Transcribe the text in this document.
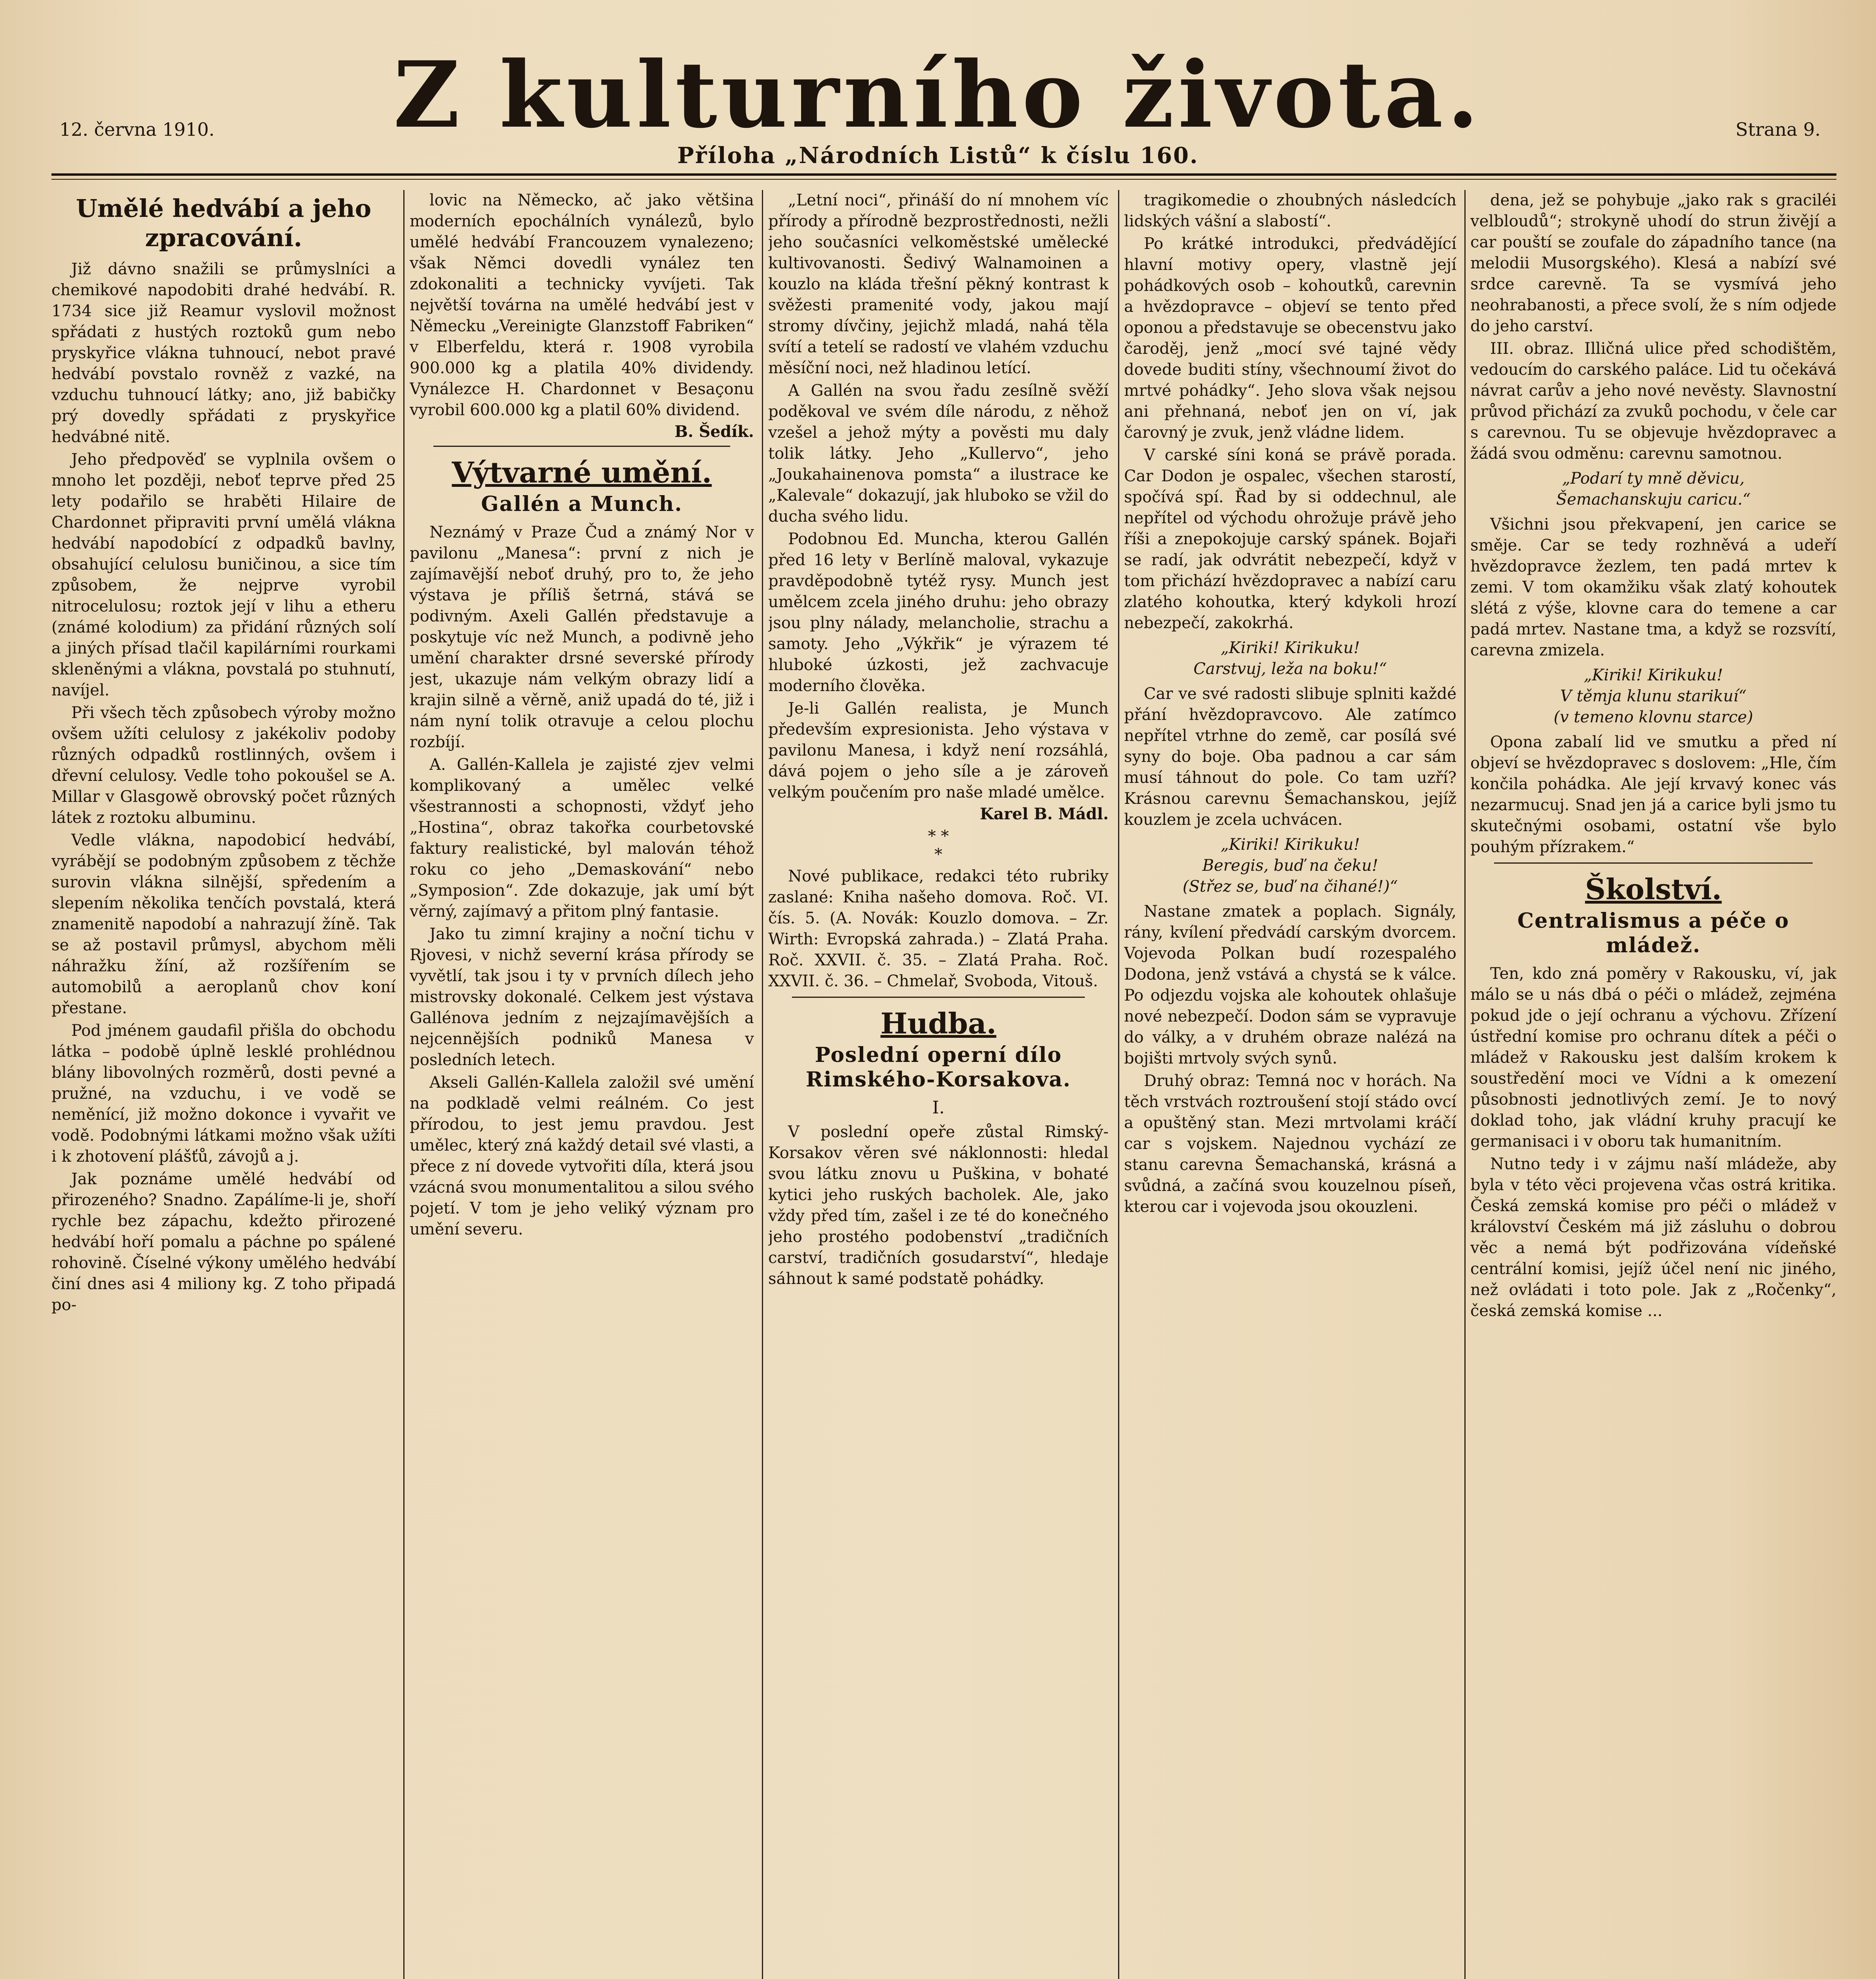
Z kulturního života.
12. června 1910.	Strana 9.
Příloha „Národních Listů“ k číslu 160.
Umělé hedvábí a jeho zpracování.

Již dávno snažili se průmyslníci a chemikové napodobiti drahé hedvábí. R. 1734 sice již Reamur vyslovil možnost spřádati z hustých roztoků gum nebo pryskyřice vlákna tuhnoucí, nebot pravé hedvábí povstalo rovněž z vazké, na vzduchu tuhnoucí látky; ano, již babičky prý dovedly spřádati z pryskyřice hedvábné nitě.

Jeho předpověď se vyplnila ovšem o mnoho let později, neboť teprve před 25 lety podařilo se hraběti Hilaire de Chardonnet připraviti první umělá vlákna hedvábí napodobící z odpadků bavlny, obsahující celulosu buničinou, a sice tím způsobem, že nejprve vyrobil nitrocelulosu; roztok její v lihu a etheru (známé kolodium) za přidání různých solí a jiných přísad tlačil kapilárními rourkami skleněnými a vlákna, povstalá po stuhnutí, navíjel.

Při všech těch způsobech výroby možno ovšem užíti celulosy z jakékoliv podoby různých odpadků rostlinných, ovšem i dřevní celulosy. Vedle toho pokoušel se A. Millar v Glasgowě obrovský počet různých látek z roztoku albuminu.

Vedle vlákna, napodobicí hedvábí, vyrábějí se podobným způsobem z těchže surovin vlákna silnější, spředením a slepením několika tenčích povstalá, která znamenitě napodobí a nahrazují žíně. Tak se až postavil průmysl, abychom měli náhražku žíní, až rozšířením se automobilů a aeroplanů chov koní přestane.

Pod jménem gaudafil přišla do obchodu látka – podobě úplně lesklé prohlédnou blány libovolných rozměrů, dosti pevné a pružné, na vzduchu, i ve vodě se neměnící, již možno dokonce i vyvařit ve vodě. Podobnými látkami možno však užíti i k zhotovení plášťů, závojů a j.

Jak poznáme umělé hedvábí od přirozeného? Snadno. Zapálíme-li je, shoří rychle bez zápachu, kdežto přirozené hedvábí hoří pomalu a páchne po spálené rohovině. Číselné výkony umělého hedvábí činí dnes asi 4 miliony kg. Z toho připadá po-

lovic na Německo, ač jako většina moderních epochálních vynálezů, bylo umělé hedvábí Francouzem vynalezeno; však Němci dovedli vynález ten zdokonaliti a technicky vyvíjeti. Tak největší továrna na umělé hedvábí jest v Německu „Vereinigte Glanzstoff Fabriken“ v Elberfeldu, která r. 1908 vyrobila 900.000 kg a platila 40% dividendy. Vynálezce H. Chardonnet v Besaçonu vyrobil 600.000 kg a platil 60% dividend.

B. Šedík.
Výtvarné umění.
Gallén a Munch.

Neznámý v Praze Čud a známý Nor v pavilonu „Manesa“: první z nich je zajímavější neboť druhý, pro to, že jeho výstava je příliš šetrná, stává se podivným. Axeli Gallén představuje a poskytuje víc než Munch, a podivně jeho umění charakter drsné severské přírody jest, ukazuje nám velkým obrazy lidí a krajin silně a věrně, aniž upadá do té, již i nám nyní tolik otravuje a celou plochu rozbíjí.

A. Gallén-Kallela je zajisté zjev velmi komplikovaný a umělec velké všestrannosti a schopnosti, vždyť jeho „Hostina“, obraz takořka courbetovské faktury realistické, byl malován téhož roku co jeho „Demaskování“ nebo „Symposion“. Zde dokazuje, jak umí být věrný, zajímavý a přitom plný fantasie.

Jako tu zimní krajiny a noční tichu v Rjovesi, v nichž severní krása přírody se vyvětlí, tak jsou i ty v prvních dílech jeho mistrovsky dokonalé. Celkem jest výstava Gallénova jedním z nejzajímavějších a nejcennějších podniků Manesa v posledních letech.

Akseli Gallén-Kallela založil své umění na podkladě velmi reálném. Co jest přírodou, to jest jemu pravdou. Jest umělec, který zná každý detail své vlasti, a přece z ní dovede vytvořiti díla, která jsou vzácná svou monumentalitou a silou svého pojetí. V tom je jeho veliký význam pro umění severu.

„Letní noci“, přináší do ní mnohem víc přírody a přírodně bezprostřednosti, nežli jeho současníci velkoměstské umělecké kultivovanosti. Šedivý Walnamoinen a kouzlo na kláda třešní pěkný kontrast k svěžesti pramenité vody, jakou mají stromy dívčiny, jejichž mladá, nahá těla svítí a tetelí se radostí ve vlahém vzduchu měsíční noci, než hladinou letící.

A Gallén na svou řadu zesílně svěží poděkoval ve svém díle národu, z něhož vzešel a jehož mýty a pověsti mu daly tolik látky. Jeho „Kullervo“, jeho „Joukahainenova pomsta“ a ilustrace ke „Kalevale“ dokazují, jak hluboko se vžil do ducha svého lidu.

Podobnou Ed. Muncha, kterou Gallén před 16 lety v Berlíně maloval, vykazuje pravděpodobně tytéž rysy. Munch jest umělcem zcela jiného druhu: jeho obrazy jsou plny nálady, melancholie, strachu a samoty. Jeho „Výkřik“ je výrazem té hluboké úzkosti, jež zachvacuje moderního člověka.

Je-li Gallén realista, je Munch především expresionista. Jeho výstava v pavilonu Manesa, i když není rozsáhlá, dává pojem o jeho síle a je zároveň velkým poučením pro naše mladé umělce.

Karel B. Mádl.
* *
*

Nové publikace, redakci této rubriky zaslané: Kniha našeho domova. Roč. VI. čís. 5. (A. Novák: Kouzlo domova. – Zr. Wirth: Evropská zahrada.) – Zlatá Praha. Roč. XXVII. č. 35. – Zlatá Praha. Roč. XXVII. č. 36. – Chmelař, Svoboda, Vitouš.

Hudba.
Poslední operní dílo Rimského-Korsakova.
I.

V poslední opeře zůstal Rimský-Korsakov věren své náklonnosti: hledal svou látku znovu u Puškina, v bohaté kytici jeho ruských bacholek. Ale, jako vždy před tím, zašel i ze té do konečného jeho prostého podobenství „tradičních carství, tradičních gosudarství“, hledaje sáhnout k samé podstatě pohádky.

tragikomedie o zhoubných následcích lidských vášní a slabostí“.

Po krátké introdukci, předvádějící hlavní motivy opery, vlastně její pohádkových osob – kohoutků, carevnin a hvězdopravce – objeví se tento před oponou a představuje se obecenstvu jako čaroděj, jenž „mocí své tajné vědy dovede buditi stíny, všechnoumí život do mrtvé pohádky“. Jeho slova však nejsou ani přehnaná, neboť jen on ví, jak čarovný je zvuk, jenž vládne lidem.

V carské síni koná se právě porada. Car Dodon je ospalec, všechen starostí, spočívá spí. Řad by si oddechnul, ale nepřítel od východu ohrožuje právě jeho říši a znepokojuje carský spánek. Bojaři se radí, jak odvrátit nebezpečí, když v tom přichází hvězdopravec a nabízí caru zlatého kohoutka, který kdykoli hrozí nebezpečí, zakokrhá.

„Kiriki! Kirikuku!
Carstvuj, leža na boku!“

Car ve své radosti slibuje splniti každé přání hvězdopravcovo. Ale zatímco nepřítel vtrhne do země, car posílá své syny do boje. Oba padnou a car sám musí táhnout do pole. Co tam uzří? Krásnou carevnu Šemachanskou, jejíž kouzlem je zcela uchvácen.

„Kiriki! Kirikuku!
Beregis, buď na čeku!
(Střez se, buď na čihané!)“

Nastane zmatek a poplach. Signály, rány, kvílení předvádí carským dvorcem. Vojevoda Polkan budí rozespalého Dodona, jenž vstává a chystá se k válce. Po odjezdu vojska ale kohoutek ohlašuje nové nebezpečí. Dodon sám se vypravuje do války, a v druhém obraze nalézá na bojišti mrtvoly svých synů.

Druhý obraz: Temná noc v horách. Na těch vrstvách roztroušení stojí stádo ovcí a opuštěný stan. Mezi mrtvolami kráčí car s vojskem. Najednou vychází ze stanu carevna Šemachanská, krásná a svůdná, a začíná svou kouzelnou píseň, kterou car i vojevoda jsou okouzleni.

dena, jež se pohybuje „jako rak s graciléi velbloudů“; strokyně uhodí do strun živějí a car pouští se zoufale do západního tance (na melodii Musorgského). Klesá a nabízí své srdce carevně. Ta se vysmívá jeho neohrabanosti, a přece svolí, že s ním odjede do jeho carství.

III. obraz. Illičná ulice před schodištěm, vedoucím do carského paláce. Lid tu očekává návrat carův a jeho nové nevěsty. Slavnostní průvod přichází za zvuků pochodu, v čele car s carevnou. Tu se objevuje hvězdopravec a žádá svou odměnu: carevnu samotnou.

„Podarí ty mně děvicu,
Šemachanskuju caricu.“

Všichni jsou překvapení, jen carice se směje. Car se tedy rozhněvá a udeří hvězdopravce žezlem, ten padá mrtev k zemi. V tom okamžiku však zlatý kohoutek slétá z výše, klovne cara do temene a car padá mrtev. Nastane tma, a když se rozsvítí, carevna zmizela.

„Kiriki! Kirikuku!
V těmja klunu starikuí“
(v temeno klovnu starce)

Opona zabalí lid ve smutku a před ní objeví se hvězdopravec s doslovem: „Hle, čím končila pohádka. Ale její krvavý konec vás nezarmucuj. Snad jen já a carice byli jsmo tu skutečnými osobami, ostatní vše bylo pouhým přízrakem.“

Školství.
Centralismus a péče o mládež.

Ten, kdo zná poměry v Rakousku, ví, jak málo se u nás dbá o péči o mládež, zejména pokud jde o její ochranu a výchovu. Zřízení ústřední komise pro ochranu dítek a péči o mládež v Rakousku jest dalším krokem k soustředění moci ve Vídni a k omezení působnosti jednotlivých zemí. Je to nový doklad toho, jak vládní kruhy pracují ke germanisaci i v oboru tak humanitním.

Nutno tedy i v zájmu naší mládeže, aby byla v této věci projevena včas ostrá kritika. Česká zemská komise pro péči o mládež v království Českém má již zásluhu o dobrou věc a nemá být podřizována vídeňské centrální komisi, jejíž účel není nic jiného, než ovládati i toto pole. Jak z „Ročenky“, česká zemská komise ...
